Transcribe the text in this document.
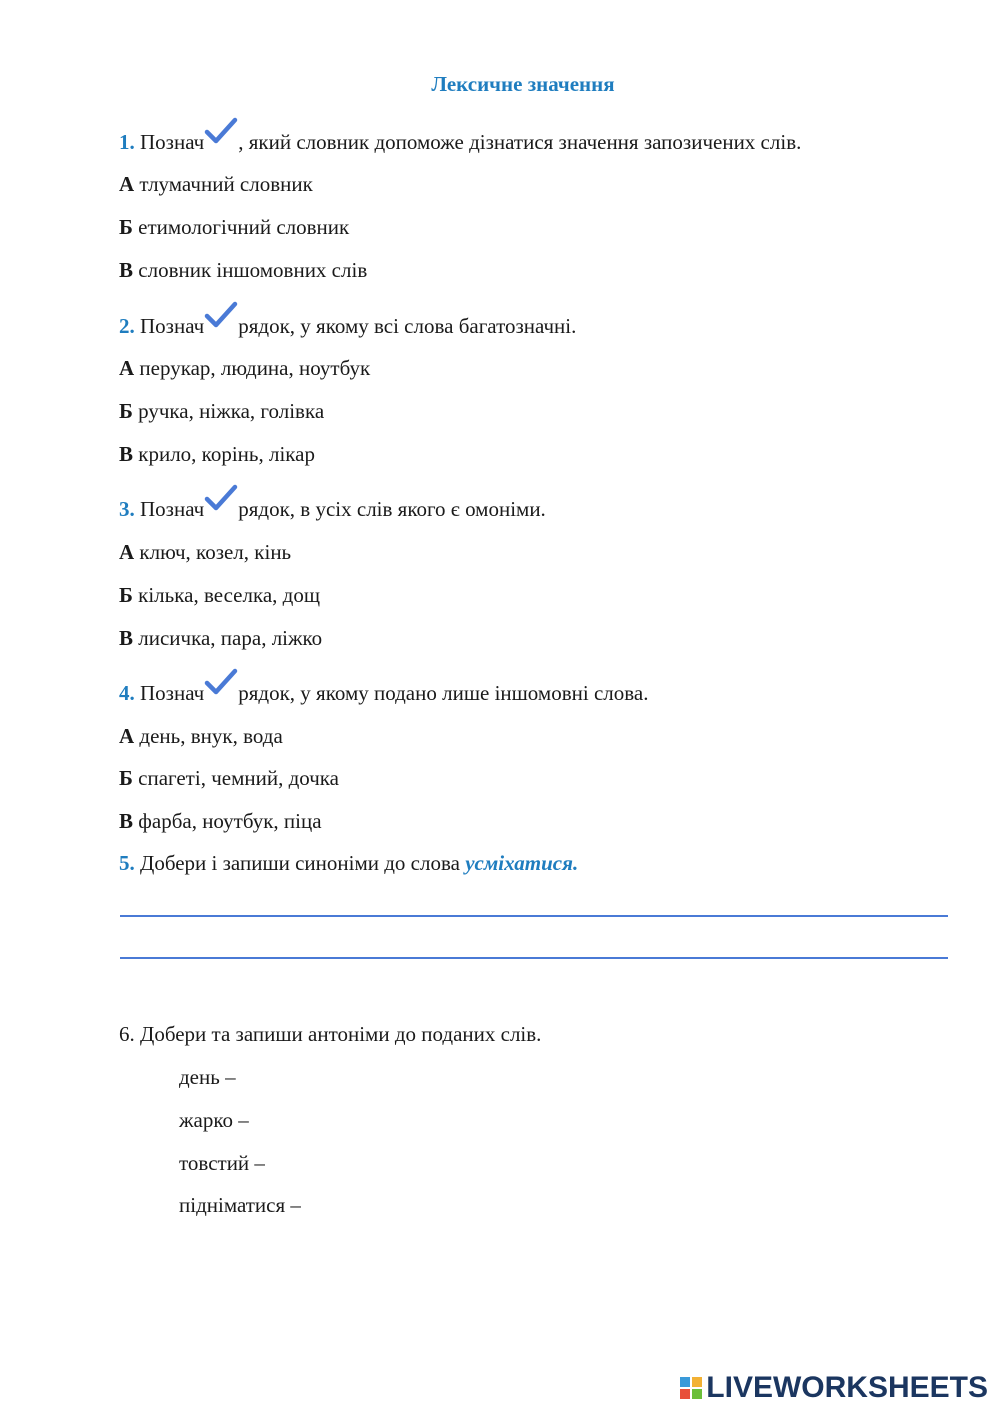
Лексичне значення
1. Познач , який словник допоможе дізнатися значення запозичених слів.
А тлумачний словник
Б етимологічний словник
В словник іншомовних слів
2. Познач рядок, у якому всі слова багатозначні.
А перукар, людина, ноутбук
Б ручка, ніжка, голівка
В крило, корінь, лікар
3. Познач рядок, в усіх слів якого є омоніми.
А ключ, козел, кінь
Б кілька, веселка, дощ
В лисичка, пара, ліжко
4. Познач рядок, у якому подано лише іншомовні слова.
А день, внук, вода
Б спагеті, чемний, дочка
В фарба, ноутбук, піца
5. Добери і запиши синоніми до слова усміхатися.
6. Добери та запиши антоніми до поданих слів.
день –
жарко –
товстий –
підніматися –
LIVEWORKSHEETS
